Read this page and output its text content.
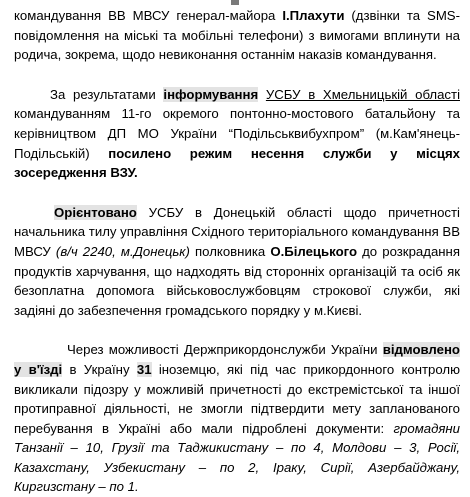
командування ВВ МВСУ генерал-майора І.Плахути (дзвінки та SMS-повідомлення на міські та мобільні телефони) з вимогами вплинути на родича, зокрема, щодо невиконання останнім наказів командування.

За результатами інформування УСБУ в Хмельницькій області командуванням 11-го окремого понтонно-мостового батальйону та керівництвом ДП МО України “Подільськвибухпром” (м.Кам'янець-Подільській) посилено режим несення служби у місцях зосередження ВЗУ.

Орієнтовано УСБУ в Донецькій області щодо причетності начальника тилу управління Східного територіального командування ВВ МВСУ (в/ч 2240, м.Донецьк) полковника О.Білецького до розкрадання продуктів харчування, що надходять від сторонніх організацій та осіб як безоплатна допомога військовослужбовцям строкової служби, які задіяні до забезпечення громадського порядку у м.Києві.

Через можливості Держприкордонслужби України відмовлено у в'їзді в Україну 31 іноземцю, які під час прикордонного контролю викликали підозру у можливій причетності до екстремістської та іншої протиправної діяльності, не змогли підтвердити мету запланованого перебування в Україні або мали підроблені документи: громадяни Танзанії – 10, Грузії та Таджикистану – по 4, Молдови – 3, Росії, Казахстану, Узбекистану – по 2, Іраку, Сирії, Азербайджану, Киргизстану – по 1.
